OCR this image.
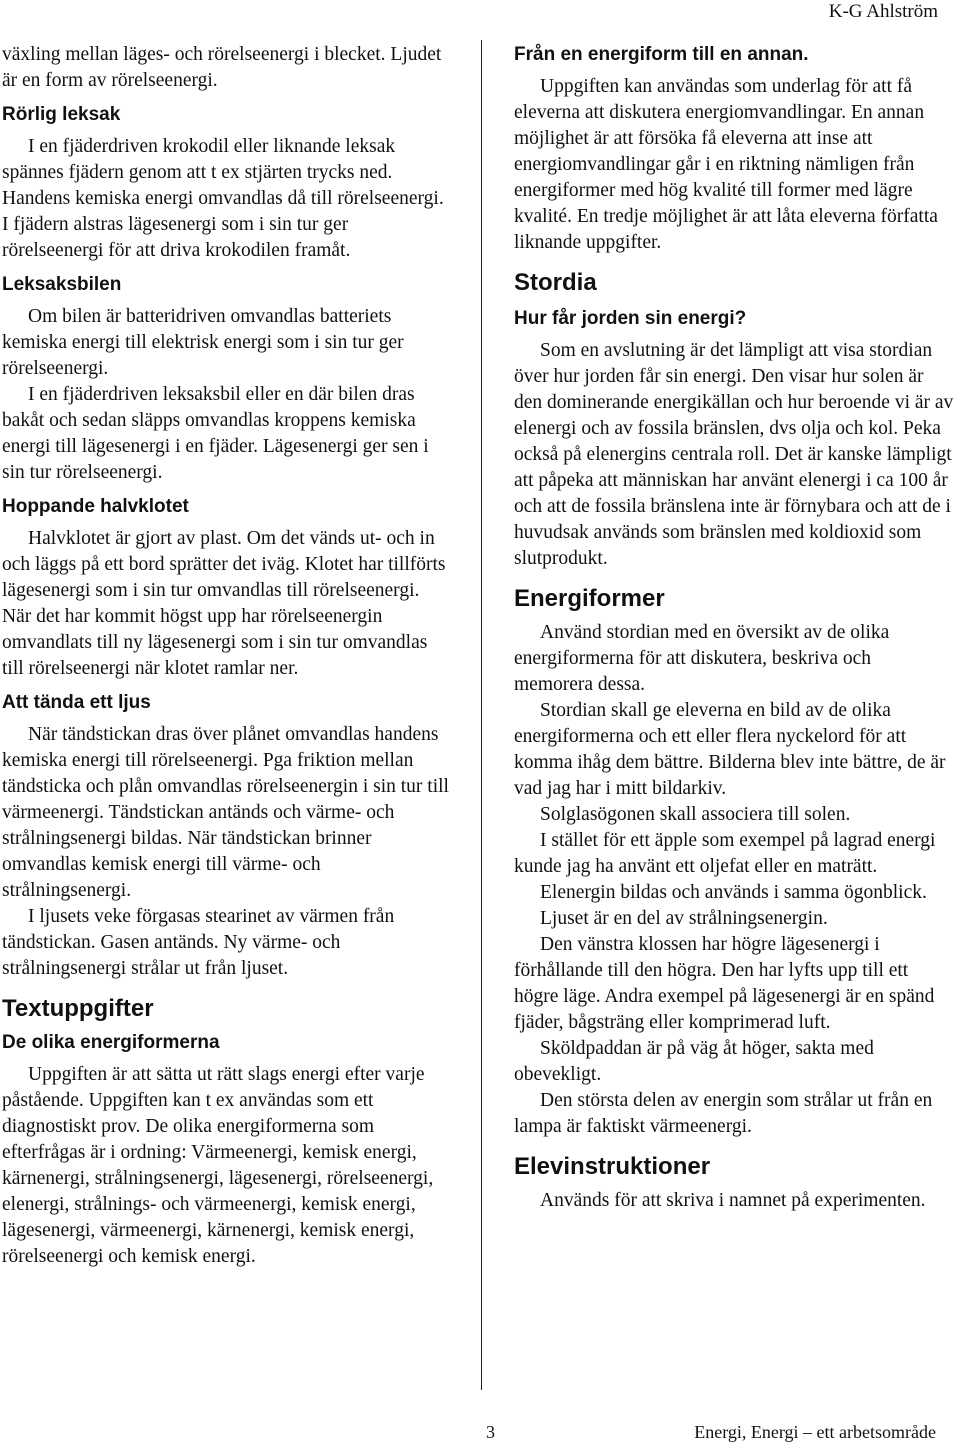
K-G Ahlström

växling mellan läges- och rörelseenergi i blecket. Ljudet är en form av rörelseenergi.

Rörlig leksak

I en fjäderdriven krokodil eller liknande leksak spännes fjädern genom att t ex stjärten trycks ned. Handens kemiska energi omvandlas då till rörelseenergi. I fjädern alstras lägesenergi som i sin tur ger rörelseenergi för att driva krokodilen framåt.

Leksaksbilen

Om bilen är batteridriven omvandlas batteriets kemiska energi till elektrisk energi som i sin tur ger rörelseenergi.

I en fjäderdriven leksaksbil eller en där bilen dras bakåt och sedan släpps omvandlas kroppens kemiska energi till lägesenergi i en fjäder. Lägesenergi ger sen i sin tur rörelseenergi.

Hoppande halvklotet

Halvklotet är gjort av plast. Om det vänds ut- och in och läggs på ett bord sprätter det iväg. Klotet har tillförts lägesenergi som i sin tur omvandlas till rörelseenergi. När det har kommit högst upp har rörelseenergin omvandlats till ny lägesenergi som i sin tur omvandlas till rörelseenergi när klotet ramlar ner.

Att tända ett ljus

När tändstickan dras över plånet omvandlas handens kemiska energi till rörelseenergi. Pga friktion mellan tändsticka och plån omvandlas rörelseenergin i sin tur till värmeenergi. Tändstickan antänds och värme- och strålningsenergi bildas. När tändstickan brinner omvandlas kemisk energi till värme- och strålningsenergi.

I ljusets veke förgasas stearinet av värmen från tändstickan. Gasen antänds. Ny värme- och strålningsenergi strålar ut från ljuset.

Textuppgifter
De olika energiformerna

Uppgiften är att sätta ut rätt slags energi efter varje påstående. Uppgiften kan t ex användas som ett diagnostiskt prov. De olika energiformerna som efterfrågas är i ordning: Värmeenergi, kemisk energi, kärnenergi, strålningsenergi, lägesenergi, rörelseenergi, elenergi, strålnings- och värmeenergi, kemisk energi, lägesenergi, värmeenergi, kärnenergi, kemisk energi, rörelseenergi och kemisk energi.

Från en energiform till en annan.

Uppgiften kan användas som underlag för att få eleverna att diskutera energiomvandlingar. En annan möjlighet är att försöka få eleverna att inse att energiomvandlingar går i en riktning nämligen från energiformer med hög kvalité till former med lägre kvalité. En tredje möjlighet är att låta eleverna författa liknande uppgifter.

Stordia
Hur får jorden sin energi?

Som en avslutning är det lämpligt att visa stordian över hur jorden får sin energi. Den visar hur solen är den dominerande energikällan och hur beroende vi är av elenergi och av fossila bränslen, dvs olja och kol. Peka också på elenergins centrala roll. Det är kanske lämpligt att påpeka att människan har använt elenergi i ca 100 år och att de fossila bränslena inte är förnybara och att de i huvudsak används som bränslen med koldioxid som slutprodukt.

Energiformer

Använd stordian med en översikt av de olika energiformerna för att diskutera, beskriva och memorera dessa.

Stordian skall ge eleverna en bild av de olika energiformerna och ett eller flera nyckelord för att komma ihåg dem bättre. Bilderna blev inte bättre, de är vad jag har i mitt bildarkiv.

Solglasögonen skall associera till solen.

I stället för ett äpple som exempel på lagrad energi kunde jag ha använt ett oljefat eller en maträtt.

Elenergin bildas och används i samma ögonblick.

Ljuset är en del av strålningsenergin.

Den vänstra klossen har högre lägesenergi i förhållande till den högra. Den har lyfts upp till ett högre läge. Andra exempel på lägesenergi är en spänd fjäder, bågsträng eller komprimerad luft.

Sköldpaddan är på väg åt höger, sakta med obevekligt.

Den största delen av energin som strålar ut från en lampa är faktiskt värmeenergi.

Elevinstruktioner

Används för att skriva i namnet på experimenten.

3	Energi, Energi – ett arbetsområde
